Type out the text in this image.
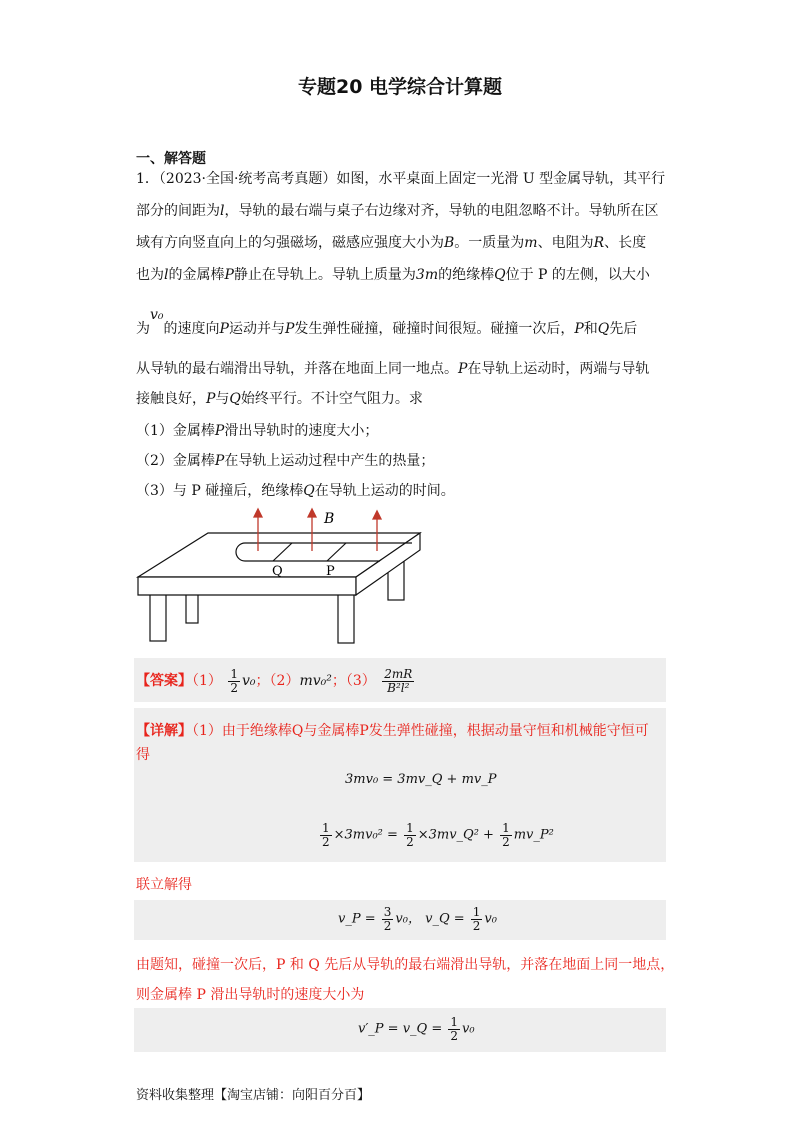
专题20 电学综合计算题
一、解答题
1．（2023·全国·统考高考真题）如图，水平桌面上固定一光滑 U 型金属导轨，其平行
部分的间距为l，导轨的最右端与桌子右边缘对齐，导轨的电阻忽略不计。导轨所在区
域有方向竖直向上的匀强磁场，磁感应强度大小为B。一质量为m、电阻为R、长度
也为l的金属棒P静止在导轨上。导轨上质量为3m的绝缘棒Q位于 P 的左侧，以大小
为v₀的速度向P运动并与P发生弹性碰撞，碰撞时间很短。碰撞一次后，P和Q先后
从导轨的最右端滑出导轨，并落在地面上同一地点。P在导轨上运动时，两端与导轨
接触良好，P与Q始终平行。不计空气阻力。求
（1）金属棒P滑出导轨时的速度大小；
（2）金属棒P在导轨上运动过程中产生的热量；
（3）与 P 碰撞后，绝缘棒Q在导轨上运动的时间。
B
Q	P
【答案】$(1) \frac{1}{2} v_0$；（2）mv₀²；$(3) \frac{2mR}{\text{B²l²}}$
【详解】（1）由于绝缘棒Q与金属棒P发生弹性碰撞，根据动量守恒和机械能守恒可
得
3mv₀ = 3mv_Q + mv_P
$\frac{1}{2} \times 3mv_0^2 = \frac{1}{2}$ ×3mv_Q² + $\frac{1}{2}$ mv_P²
联立解得
v_P = $\frac{3}{2} v_0$， v_Q = $\frac{1}{2} v_0$
由题知，碰撞一次后，P 和 Q 先后从导轨的最右端滑出导轨，并落在地面上同一地点，
则金属棒 P 滑出导轨时的速度大小为
v′_P = v_Q = $\frac{1}{2} v_0$
资料收集整理【淘宝店铺：向阳百分百】
